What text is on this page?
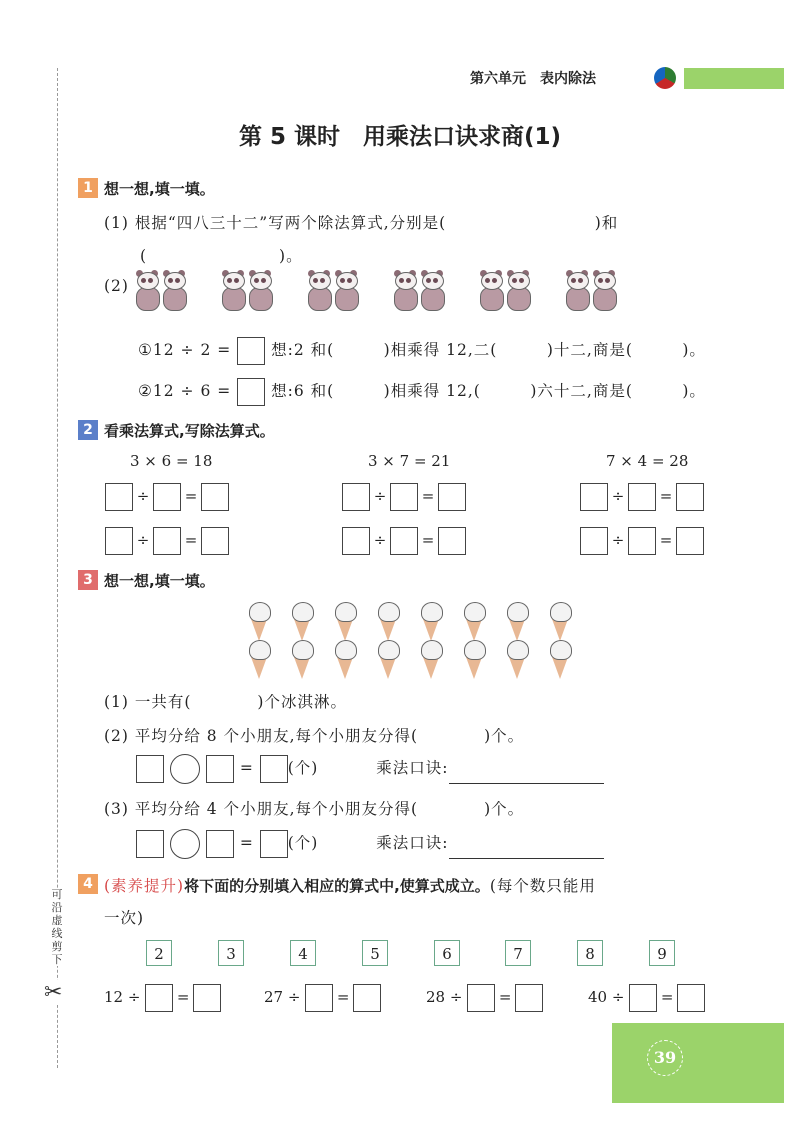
可沿虚线剪下
✂
第六单元 表内除法
第 5 课时　用乘法口诀求商(1)
1 想一想,填一填。
(1) 根据“四八三十二”写两个除法算式,分别是(　　　　　　　　　)和
(　　　　　　　　)。
(2)
①12 ÷ 2 =	想:2 和(　　　)相乘得 12,二(　　　)十二,商是(　　　)。
②12 ÷ 6 =	想:6 和(　　　)相乘得 12,(　　　)六十二,商是(　　　)。
2 看乘法算式,写除法算式。
3 × 6 = 18	3 × 7 = 21	7 × 4 = 28
÷ =	÷ =	÷ =
÷ =	÷ =	÷ =
3 想一想,填一填。
(1) 一共有(　　　　)个冰淇淋。
(2) 平均分给 8 个小朋友,每个小朋友分得(　　　　)个。
= (个)	乘法口诀:
(3) 平均分给 4 个小朋友,每个小朋友分得(　　　　)个。
= (个)	乘法口诀:
4 (素养提升)将下面的分别填入相应的算式中,使算式成立。(每个数只能用
一次)
2	3	4	5	6	7	8	9
12 ÷ =	27 ÷ =	28 ÷ =	40 ÷ =
39
